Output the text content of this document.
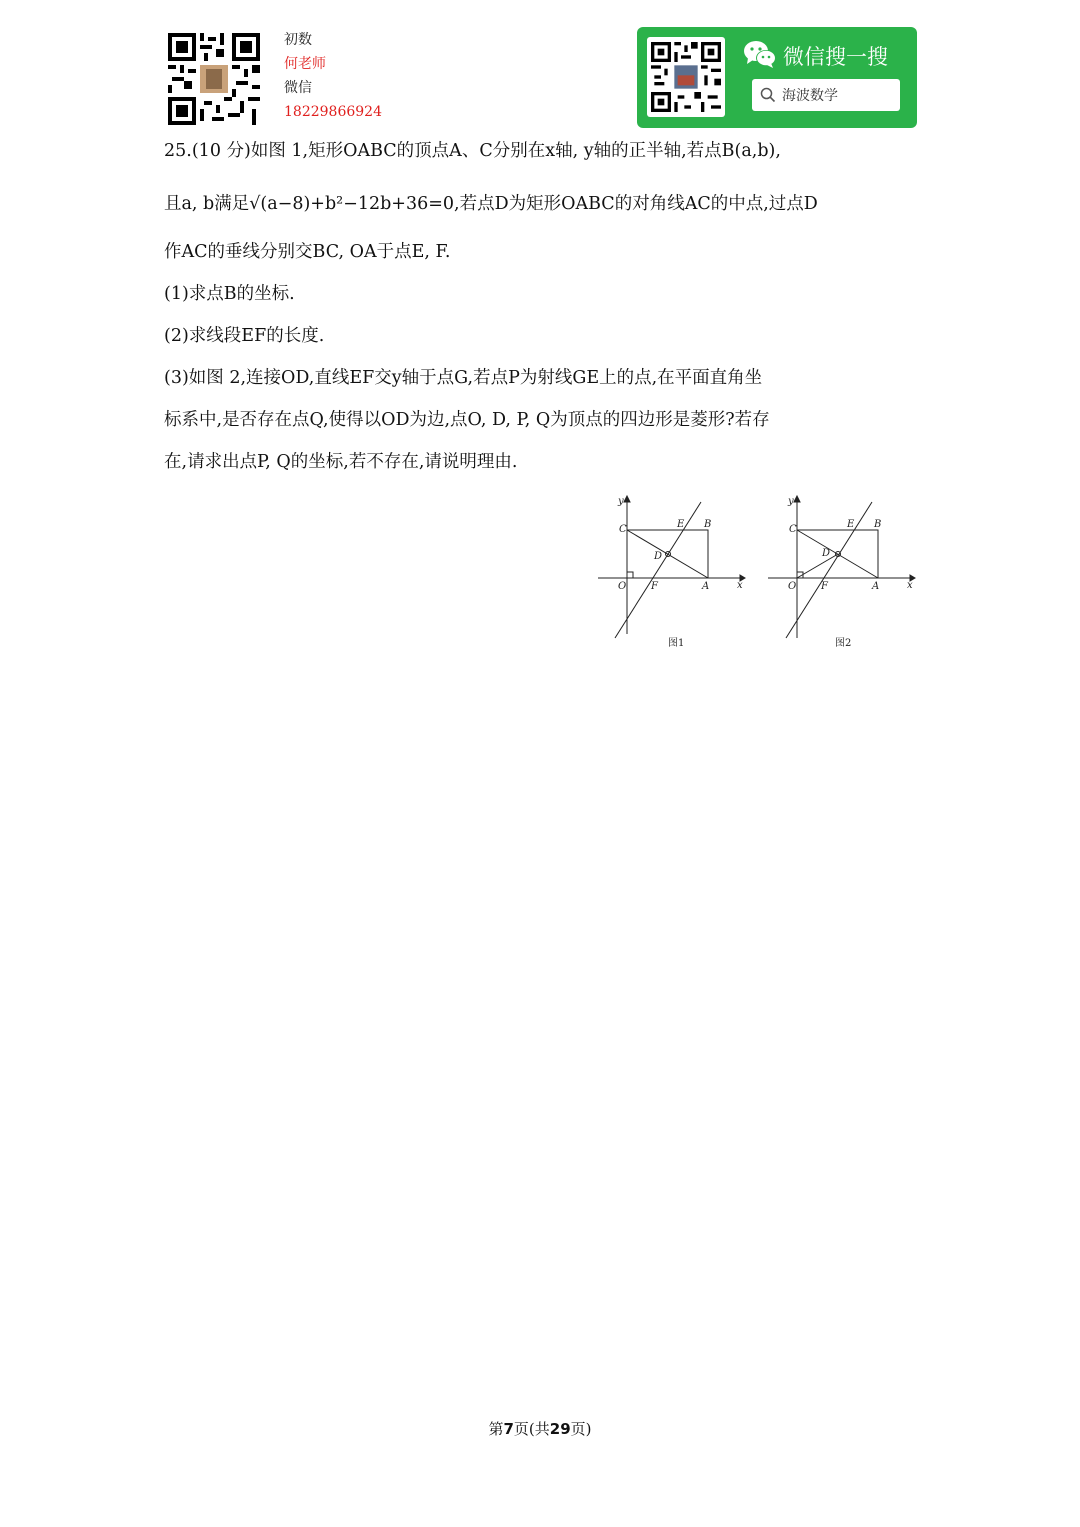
初数
何老师
微信
18229866924
微信搜一搜
海波数学
25.(10 分)如图 1,矩形OABC的顶点A、C分别在x轴, y轴的正半轴,若点B(a,b),
且a, b满足√(a−8)+b²−12b+36=0,若点D为矩形OABC的对角线AC的中点,过点D
作AC的垂线分别交BC, OA于点E, F.
(1)求点B的坐标.
(2)求线段EF的长度.
(3)如图 2,连接OD,直线EF交y轴于点G,若点P为射线GE上的点,在平面直角坐
标系中,是否存在点Q,使得以OD为边,点O, D, P, Q为顶点的四边形是菱形?若存
在,请求出点P, Q的坐标,若不存在,请说明理由.
y
C	E B
D
O F	A	x
图1
y
C	E B
D
O F	A	x
图2
第7页(共29页)
